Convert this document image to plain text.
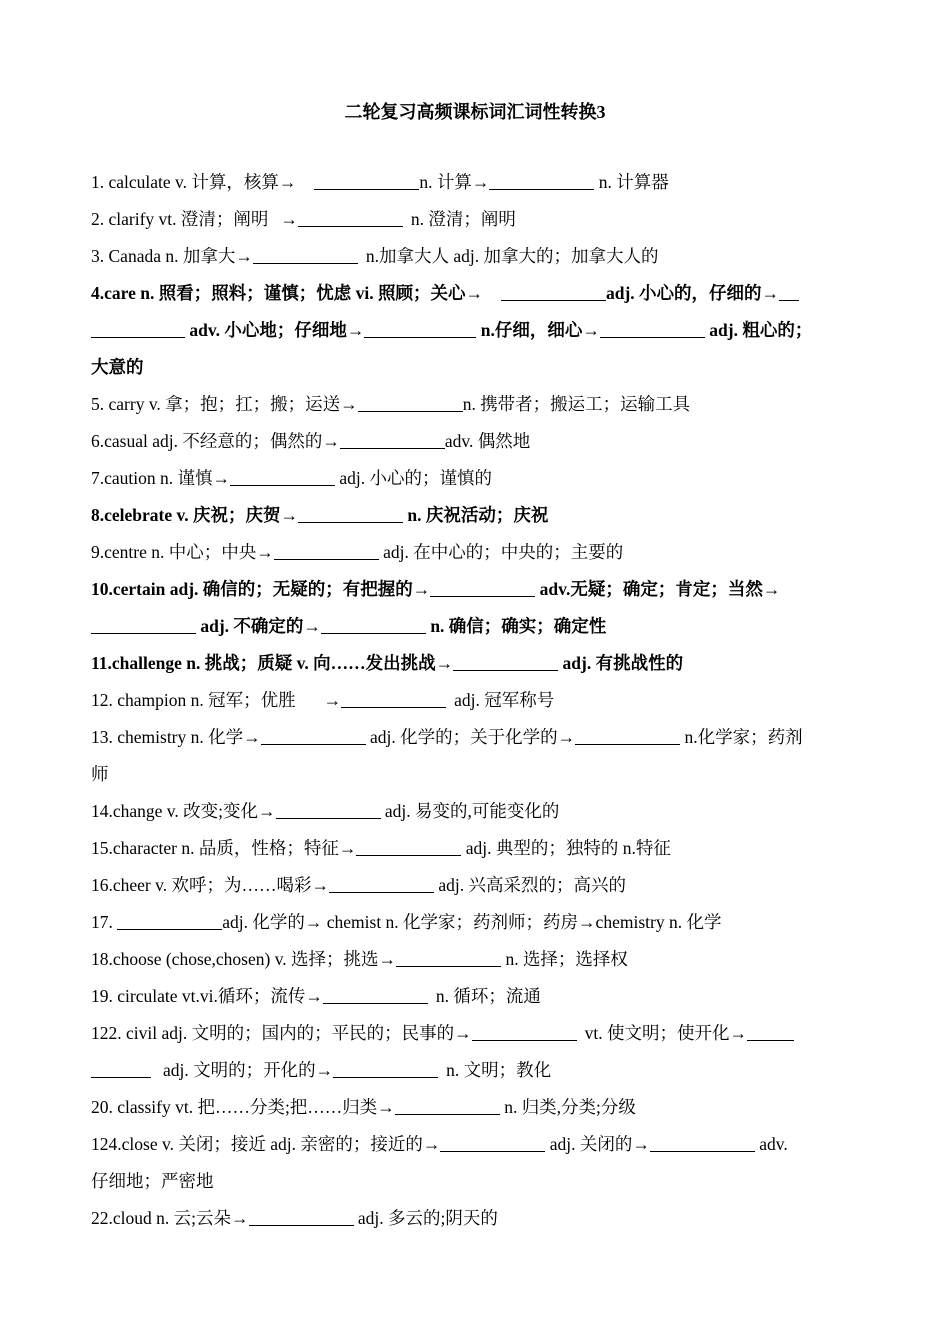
二轮复习高频课标词汇词性转换3
1. calculate v. 计算，核算→	n. 计算→	n. 计算器
2. clarify vt. 澄清；阐明 →	n. 澄清；阐明
3. Canada n. 加拿大→	n.加拿大人 adj. 加拿大的；加拿大人的
4.care n. 照看；照料；谨慎；忧虑 vi. 照顾；关心→	adj. 小心的，仔细的→
adv. 小心地；仔细地→	n.仔细，细心→	adj. 粗心的；
大意的
5. carry v. 拿；抱；扛；搬；运送→	n. 携带者；搬运工；运输工具
6.casual adj. 不经意的；偶然的→	adv. 偶然地
7.caution n. 谨慎→	adj. 小心的；谨慎的
8.celebrate v. 庆祝；庆贺→	n. 庆祝活动；庆祝
9.centre n. 中心；中央→	adj. 在中心的；中央的；主要的
10.certain adj. 确信的；无疑的；有把握的→	adv.无疑；确定；肯定；当然→
adj. 不确定的→	n. 确信；确实；确定性
11.challenge n. 挑战；质疑 v. 向……发出挑战→	adj. 有挑战性的
12. champion n. 冠军；优胜 →	adj. 冠军称号
13. chemistry n. 化学→	adj. 化学的；关于化学的→	n.化学家；药剂
师
14.change v. 改变;变化→	adj. 易变的,可能变化的
15.character n. 品质，性格；特征→	adj. 典型的；独特的 n.特征
16.cheer v. 欢呼；为……喝彩→	adj. 兴高采烈的；高兴的
17.	adj. 化学的→ chemist n. 化学家；药剂师；药房→chemistry n. 化学
18.choose (chose,chosen) v. 选择；挑选→	n. 选择；选择权
19. circulate vt.vi.循环；流传→	n. 循环；流通
122. civil adj. 文明的；国内的；平民的；民事的→	vt. 使文明；使开化→
adj. 文明的；开化的→	n. 文明；教化
20. classify vt. 把……分类;把……归类→	n. 归类,分类;分级
124.close v. 关闭；接近 adj. 亲密的；接近的→	adj. 关闭的→	adv.
仔细地；严密地
22.cloud n. 云;云朵→	adj. 多云的;阴天的
